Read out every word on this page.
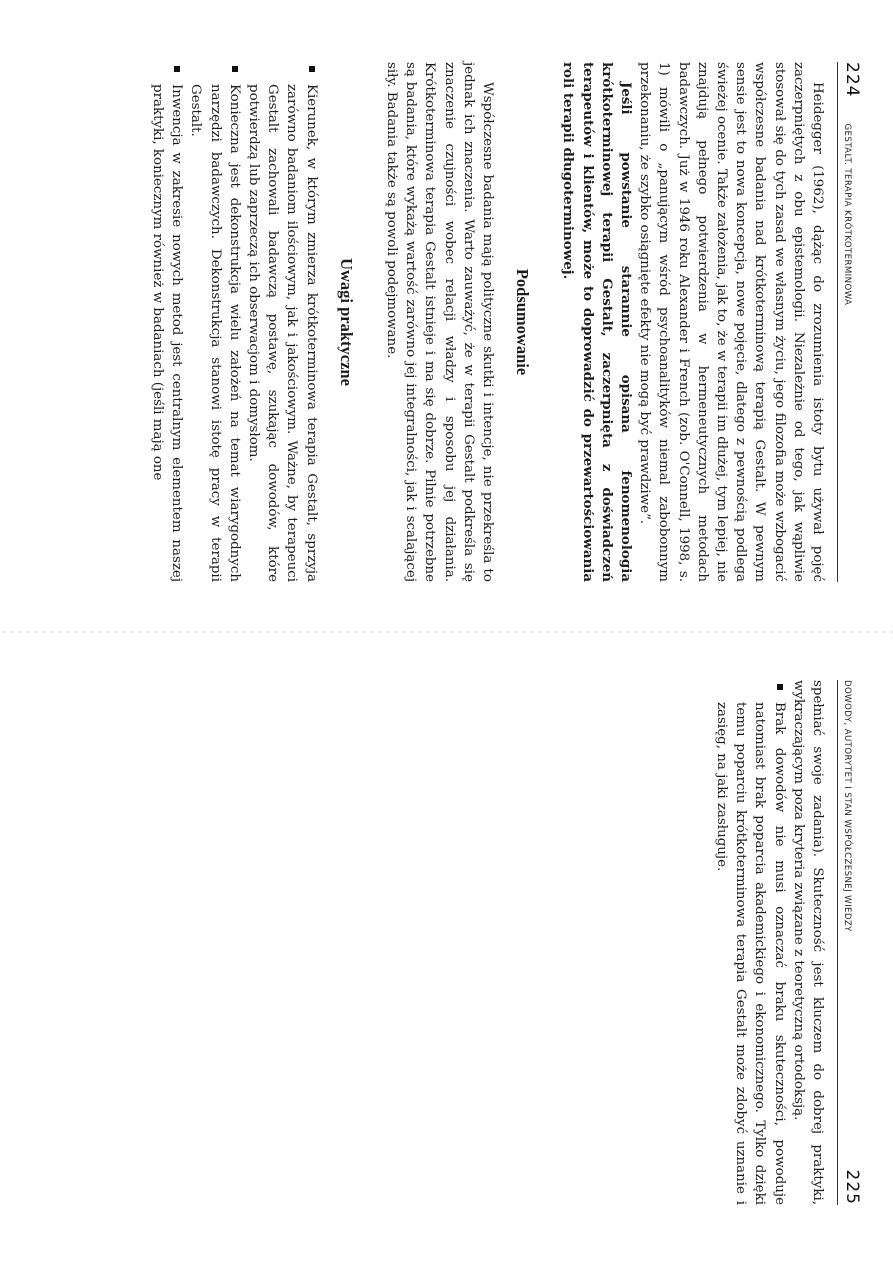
224
GESTALT. TERAPIA KRÓTKOTERMINOWA

Heidegger (1962), dążąc do zrozumienia istoty bytu używał pojęć zaczerpniętych z obu epistemologii. Niezależnie od tego, jak wąpliwie stosował się do tych zasad we własnym życiu, jego filozofia może wzbogacić współczesne badania nad krótkoterminową terapią Gestalt. W pewnym sensie jest to nowa koncepcja, nowe pojęcie, dlatego z pewnością podlega świeżej ocenie. Także założenia, jak to, że w terapii im dłużej, tym lepiej, nie znajdują pełnego potwierdzenia w hermeneutycznych metodach badawczych. Już w 1946 roku Alexander i French (zob. O'Connell, 1998, s. 1) mówili o „panującym wśród psychoanalityków niemal zabobonnym przekonaniu, że szybko osiągnięte efekty nie mogą być prawdziwe”.

Jeśli powstanie starannie opisana fenomenologia krótkoterminowej terapii Gestalt, zaczerpnięta z doświadczeń terapeutów i klientów, może to doprowadzić do przewartościowania roli terapii długoterminowej.

Podsumowanie

Współczesne badania mają polityczne skutki i intencje, nie przekreśla to jednak ich znaczenia. Warto zauważyć, że w terapii Gestalt podkreśla się znaczenie czujności wobec relacji władzy i sposobu jej działania. Krótkoterminowa terapia Gestalt istnieje i ma się dobrze. Pilnie potrzebne są badania, które wykażą wartość zarówno jej integralności, jak i scalającej siły. Badania także są powoli podejmowane.

Uwagi praktyczne
Kierunek, w którym zmierza krótkoterminowa terapia Gestalt, sprzyja zarówno badaniom ilościowym, jak i jakościowym. Ważne, by terapeuci Gestalt zachowali badawczą postawę, szukając dowodów, które potwierdzą lub zaprzeczą ich obserwacjom i domysłom.
Konieczna jest dekonstrukcja wielu założeń na temat wiarygodnych narzędzi badawczych. Dekonstrukcja stanowi istotę pracy w terapii Gestalt.
Inwencja w zakresie nowych metod jest centralnym elementem naszej praktyki, koniecznym również w badaniach (jeśli mają one
DOWODY, AUTORYTET I STAN WSPÓŁCZESNEJ WIEDZY
225

spełniać swoje zadania). Skuteczność jest kluczem do dobrej praktyki, wykraczającym poza kryteria związane z teoretyczną ortodoksją.

Brak dowodów nie musi oznaczać braku skuteczności, powoduje natomiast brak poparcia akademickiego i ekonomicznego. Tylko dzięki temu poparciu krótkoterminowa terapia Gestalt może zdobyć uznanie i zasięg, na jaki zasługuje.
